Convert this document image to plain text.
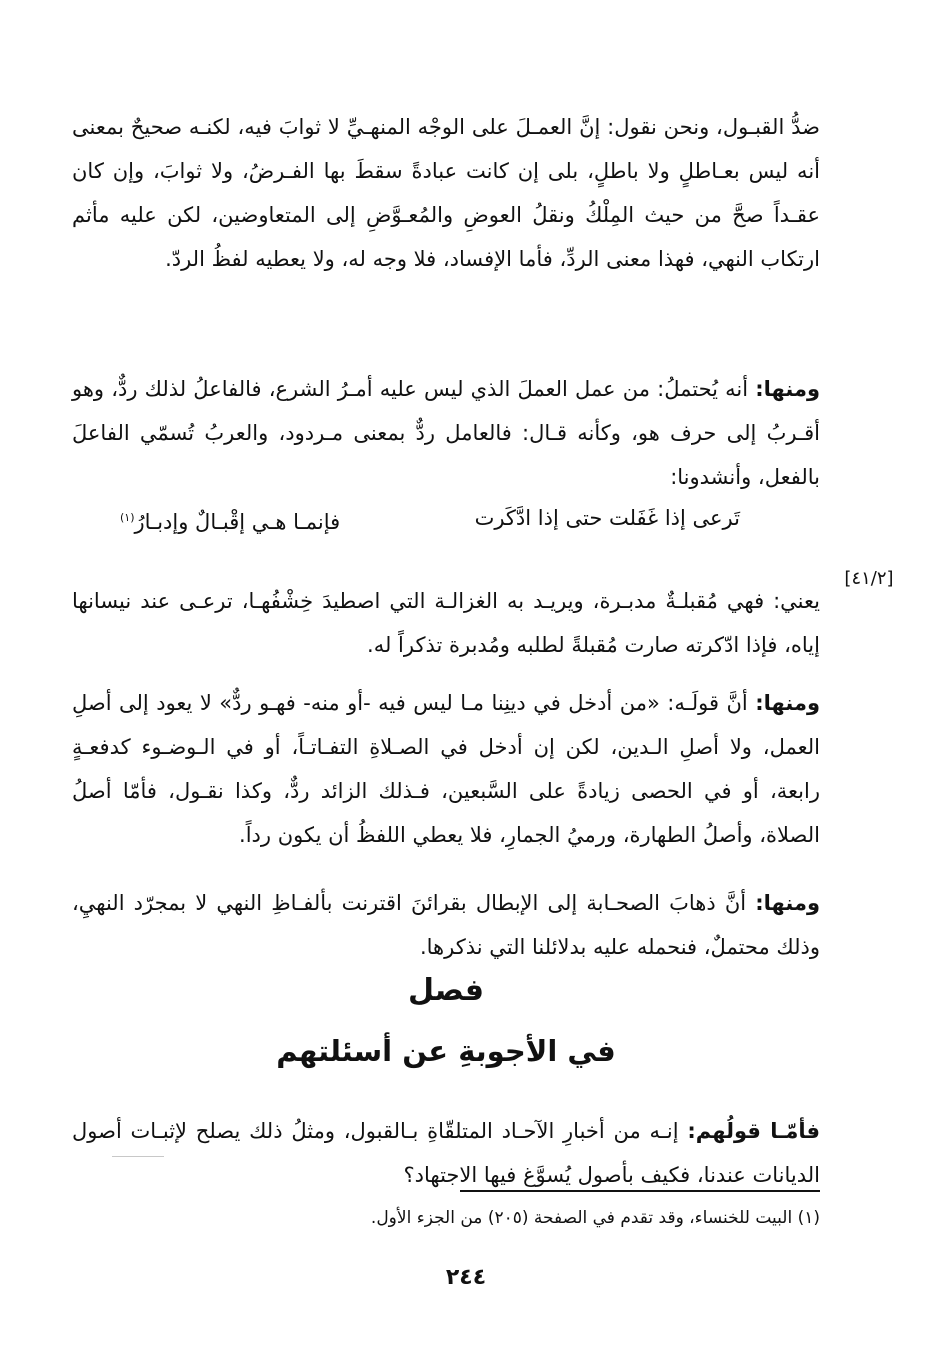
ضدُّ القبـول، ونحن نقول: إنَّ العمـلَ على الوجْه المنهـيِّ لا ثوابَ فيه، لكنـه صحيحٌ بمعنى أنه ليس بعـاطلٍ ولا باطلٍ، بلى إن كانت عبادةً سقطَ بها الفـرضُ، ولا ثوابَ، وإن كان عقـداً صحَّ من حيث المِلْكُ ونقلُ العوضِ والمُعـوَّضِ إلى المتعاوضين، لكن عليه مأثم ارتكاب النهي، فهذا معنى الردِّ، فأما الإفساد، فلا وجه له، ولا يعطيه لفظُ الردّ.

ومنها: أنه يُحتملُ: من عمل العملَ الذي ليس عليه أمـرُ الشرع، فالفاعلُ لذلك ردٌّ، وهو أقـربُ إلى حرف هو، وكأنه قـال: فالعامل ردٌّ بمعنى مـردود، والعربُ تُسمّي الفاعلَ بالفعل، وأنشدونا:

تَرعى إذا غَفَلت حتى إذا ادَّكَرت
فإنمـا هـي إقْبـالٌ وإدبـارُ$^{(١)}$
[٤١/٢]

يعني: فهي مُقبلـةٌ مدبـرة، ويريـد به الغزالـة التي اصطيدَ خِشْفُهـا، ترعـى عند نيسانها إياه، فإذا ادّكرته صارت مُقبلةً لطلبه ومُدبرة تذكراً له.

ومنها: أنَّ قولَـه: «من أدخل في دينِنا مـا ليس فيه -أو منه- فهـو ردٌّ» لا يعود إلى أصلِ العمل، ولا أصلِ الـدين، لكن إن أدخل في الصـلاةِ التفـاتـاً، أو في الـوضـوء كدفعـةٍ رابعة، أو في الحصى زيادةً على السَّبعين، فـذلك الزائد ردٌّ، وكذا نقـول، فأمّا أصلُ الصلاة، وأصلُ الطهارة، ورميُ الجمارِ، فلا يعطي اللفظُ أن يكون رداً.

ومنها: أنَّ ذهابَ الصحـابة إلى الإبطال بقرائنَ اقترنت بألفـاظِ النهي لا بمجرّد النهيِ، وذلك محتملٌ، فنحمله عليه بدلائلنا التي نذكرها.

فصل
في الأجوبةِ عن أسئلتهم

فأمّـا قولُهم: إنـه من أخبارِ الآحـاد المتلقّاةِ بـالقبول، ومثلُ ذلك يصلح لإثبـات أصول الديانات عندنا، فكيف بأصول يُسوَّغ فيها الاجتهاد؟

(١) البيت للخنساء، وقد تقدم في الصفحة (٢٠٥) من الجزء الأول.
٢٤٤
